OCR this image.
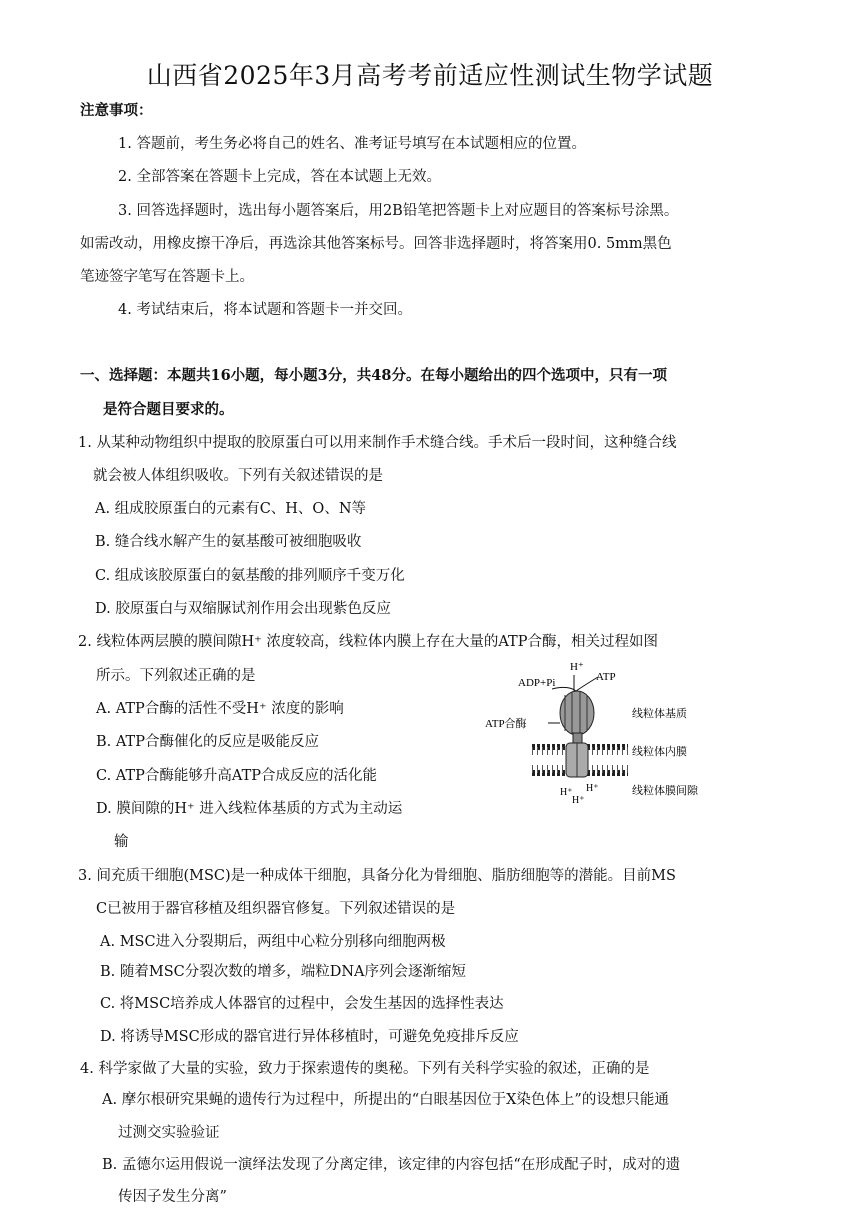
山西省2025年3月高考考前适应性测试生物学试题
注意事项：
1. 答题前，考生务必将自己的姓名、准考证号填写在本试题相应的位置。
2. 全部答案在答题卡上完成，答在本试题上无效。
3. 回答选择题时，选出每小题答案后，用2B铅笔把答题卡上对应题目的答案标号涂黑。
如需改动，用橡皮擦干净后，再选涂其他答案标号。回答非选择题时，将答案用0. 5mm黑色
笔迹签字笔写在答题卡上。
4. 考试结束后，将本试题和答题卡一并交回。
一、选择题：本题共16小题，每小题3分，共48分。在每小题给出的四个选项中，只有一项
是符合题目要求的。
1. 从某种动物组织中提取的胶原蛋白可以用来制作手术缝合线。手术后一段时间，这种缝合线
就会被人体组织吸收。下列有关叙述错误的是
A. 组成胶原蛋白的元素有C、H、O、N等
B. 缝合线水解产生的氨基酸可被细胞吸收
C. 组成该胶原蛋白的氨基酸的排列顺序千变万化
D. 胶原蛋白与双缩脲试剂作用会出现紫色反应
2. 线粒体两层膜的膜间隙H⁺ 浓度较高，线粒体内膜上存在大量的ATP合酶，相关过程如图
所示。下列叙述正确的是
A. ATP合酶的活性不受H⁺ 浓度的影响
B. ATP合酶催化的反应是吸能反应
C. ATP合酶能够升高ATP合成反应的活化能
D. 膜间隙的H⁺ 进入线粒体基质的方式为主动运
输
H⁺
ADP+Pi	ATP
ATP合酶
线粒体基质
线粒体内膜
线粒体膜间隙
H⁺ H⁺
H⁺
3. 间充质干细胞(MSC)是一种成体干细胞，具备分化为骨细胞、脂肪细胞等的潜能。目前MS
C已被用于器官移植及组织器官修复。下列叙述错误的是
A. MSC进入分裂期后，两组中心粒分别移向细胞两极
B. 随着MSC分裂次数的增多，端粒DNA序列会逐渐缩短
C. 将MSC培养成人体器官的过程中，会发生基因的选择性表达
D. 将诱导MSC形成的器官进行异体移植时，可避免免疫排斥反应
4. 科学家做了大量的实验，致力于探索遗传的奥秘。下列有关科学实验的叙述，正确的是
A. 摩尔根研究果蝇的遗传行为过程中，所提出的“白眼基因位于X染色体上”的设想只能通
过测交实验验证
B. 孟德尔运用假说一演绎法发现了分离定律，该定律的内容包括“在形成配子时，成对的遗
传因子发生分离”
